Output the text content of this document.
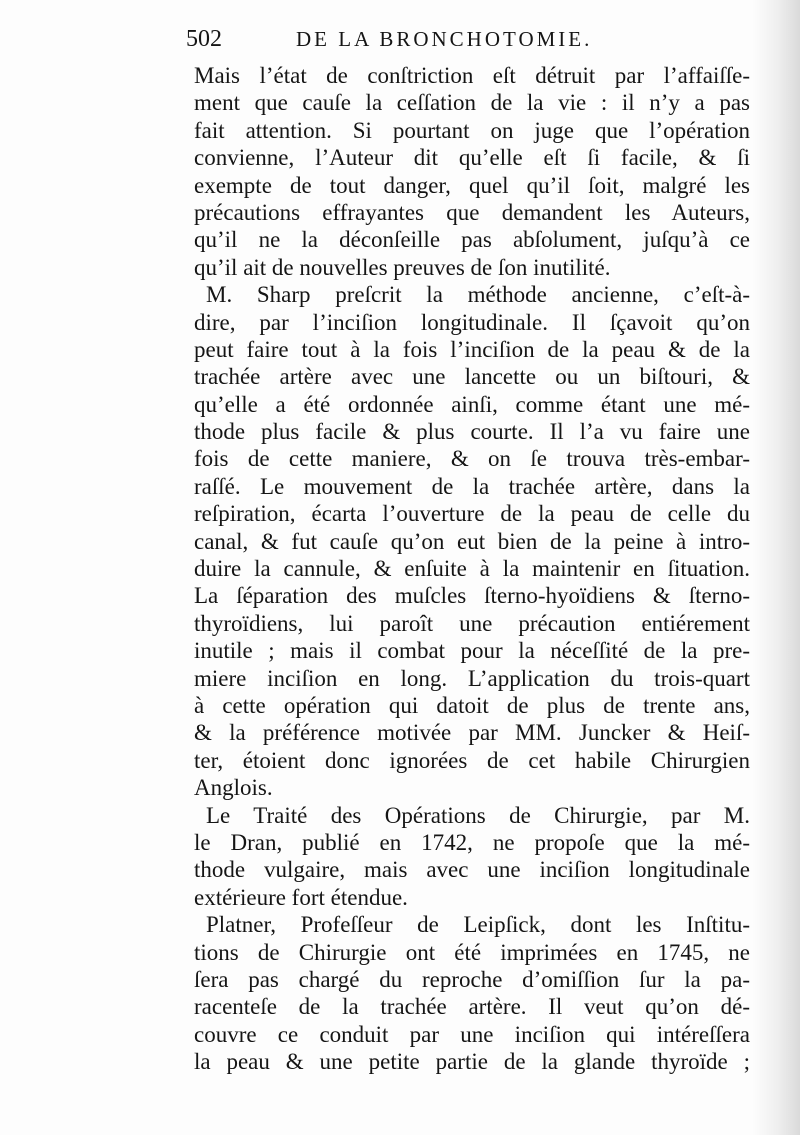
502	DE LA BRONCHOTOMIE.
Mais l’état de conſtriction eſt détruit par l’affaiſſe-
ment que cauſe la ceſſation de la vie : il n’y a pas
fait attention. Si pourtant on juge que l’opération
convienne, l’Auteur dit qu’elle eſt ſi facile, & ſi
exempte de tout danger, quel qu’il ſoit, malgré les
précautions effrayantes que demandent les Auteurs,
qu’il ne la déconſeille pas abſolument, juſqu’à ce
qu’il ait de nouvelles preuves de ſon inutilité.
M. Sharp preſcrit la méthode ancienne, c’eſt-à-
dire, par l’inciſion longitudinale. Il ſçavoit qu’on
peut faire tout à la fois l’inciſion de la peau & de la
trachée artère avec une lancette ou un biſtouri, &
qu’elle a été ordonnée ainſi, comme étant une mé-
thode plus facile & plus courte. Il l’a vu faire une
fois de cette maniere, & on ſe trouva très-embar-
raſſé. Le mouvement de la trachée artère, dans la
reſpiration, écarta l’ouverture de la peau de celle du
canal, & fut cauſe qu’on eut bien de la peine à intro-
duire la cannule, & enſuite à la maintenir en ſituation.
La ſéparation des muſcles ſterno-hyoïdiens & ſterno-
thyroïdiens, lui paroît une précaution entiérement
inutile ; mais il combat pour la néceſſité de la pre-
miere inciſion en long. L’application du trois-quart
à cette opération qui datoit de plus de trente ans,
& la préférence motivée par MM. Juncker & Heiſ-
ter, étoient donc ignorées de cet habile Chirurgien
Anglois.
Le Traité des Opérations de Chirurgie, par M.
le Dran, publié en 1742, ne propoſe que la mé-
thode vulgaire, mais avec une inciſion longitudinale
extérieure fort étendue.
Platner, Profeſſeur de Leipſick, dont les Inſtitu-
tions de Chirurgie ont été imprimées en 1745, ne
ſera pas chargé du reproche d’omiſſion ſur la pa-
racenteſe de la trachée artère. Il veut qu’on dé-
couvre ce conduit par une inciſion qui intéreſſera
la peau & une petite partie de la glande thyroïde ;
